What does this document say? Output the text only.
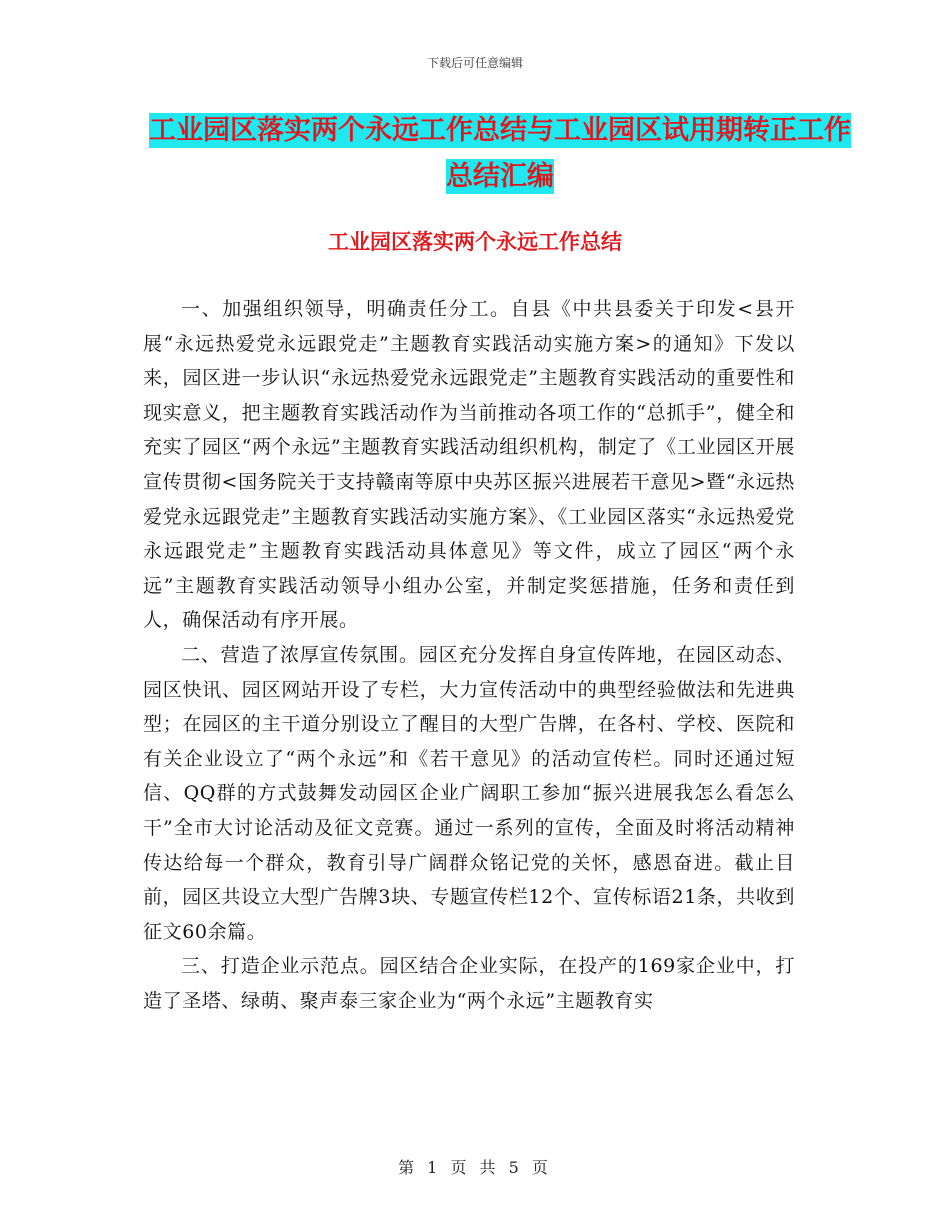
下载后可任意编辑
工业园区落实两个永远工作总结与工业园区试用期转正工作总结汇编
工业园区落实两个永远工作总结

一、加强组织领导，明确责任分工。自县《中共县委关于印发<县开展“永远热爱党永远跟党走”主题教育实践活动实施方案>的通知》下发以来，园区进一步认识“永远热爱党永远跟党走”主题教育实践活动的重要性和现实意义，把主题教育实践活动作为当前推动各项工作的“总抓手”，健全和充实了园区“两个永远”主题教育实践活动组织机构，制定了《工业园区开展宣传贯彻<国务院关于支持赣南等原中央苏区振兴进展若干意见>暨“永远热爱党永远跟党走”主题教育实践活动实施方案》、《工业园区落实“永远热爱党永远跟党走”主题教育实践活动具体意见》等文件，成立了园区“两个永远”主题教育实践活动领导小组办公室，并制定奖惩措施，任务和责任到人，确保活动有序开展。

二、营造了浓厚宣传氛围。园区充分发挥自身宣传阵地，在园区动态、园区快讯、园区网站开设了专栏，大力宣传活动中的典型经验做法和先进典型；在园区的主干道分别设立了醒目的大型广告牌，在各村、学校、医院和有关企业设立了“两个永远”和《若干意见》的活动宣传栏。同时还通过短信、QQ群的方式鼓舞发动园区企业广阔职工参加“振兴进展我怎么看怎么干”全市大讨论活动及征文竞赛。通过一系列的宣传，全面及时将活动精神传达给每一个群众，教育引导广阔群众铭记党的关怀，感恩奋进。截止目前，园区共设立大型广告牌3块、专题宣传栏12个、宣传标语21条，共收到征文60余篇。

三、打造企业示范点。园区结合企业实际，在投产的169家企业中，打造了圣塔、绿萌、聚声泰三家企业为“两个永远”主题教育实

第 1 页 共 5 页
